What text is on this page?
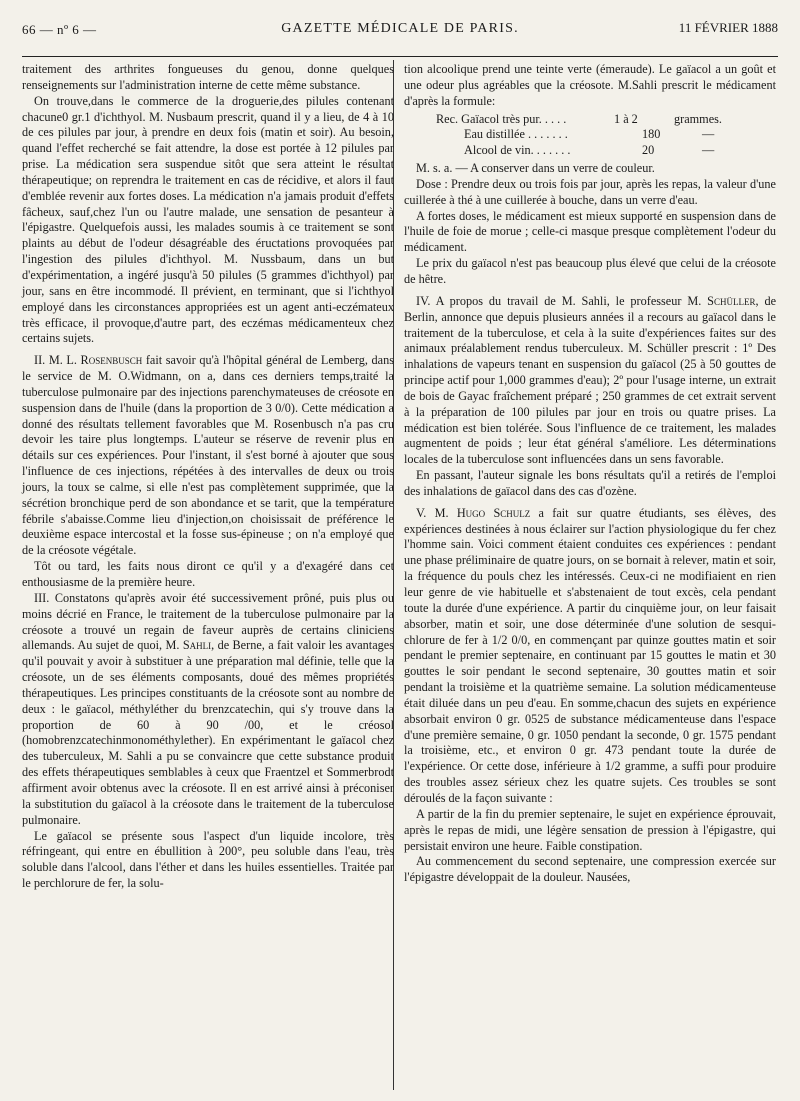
66 — nº 6 —	GAZETTE MÉDICALE DE PARIS.	11 FÉVRIER 1888

traitement des arthrites fongueuses du genou, donne quelques renseignements sur l'administration interne de cette même substance.

On trouve,dans le commerce de la droguerie,des pilules contenant chacune0 gr.1 d'ichthyol. M. Nusbaum prescrit, quand il y a lieu, de 4 à 10 de ces pilules par jour, à prendre en deux fois (matin et soir). Au besoin, quand l'effet recherché se fait attendre, la dose est portée à 12 pilules par prise. La médication sera suspendue sitôt que sera atteint le résultat thérapeutique; on reprendra le traitement en cas de récidive, et alors il faut d'emblée revenir aux fortes doses. La médication n'a jamais produit d'effets fâcheux, sauf,chez l'un ou l'autre malade, une sensation de pesanteur à l'épigastre. Quelquefois aussi, les malades soumis à ce traitement se sont plaints au début de l'odeur désagréable des éructations provoquées par l'ingestion des pilules d'ichthyol. M. Nussbaum, dans un but d'expérimentation, a ingéré jusqu'à 50 pilules (5 grammes d'ichthyol) par jour, sans en être incommodé. Il prévient, en terminant, que si l'ichthyol employé dans les circonstances appropriées est un agent anti-eczémateux très efficace, il provoque,d'autre part, des eczémas médicamenteux chez certains sujets.

II. M. L. Rosenbusch fait savoir qu'à l'hôpital général de Lemberg, dans le service de M. O.Widmann, on a, dans ces derniers temps,traité la tuberculose pulmonaire par des injections parenchymateuses de créosote en suspension dans de l'huile (dans la proportion de 3 0/0). Cette médication a donné des résultats tellement favorables que M. Rosenbusch n'a pas cru devoir les taire plus longtemps. L'auteur se réserve de revenir plus en détails sur ces expériences. Pour l'instant, il s'est borné à ajouter que sous l'influence de ces injections, répétées à des intervalles de deux ou trois jours, la toux se calme, si elle n'est pas complètement supprimée, que la sécrétion bronchique perd de son abondance et se tarit, que la température fébrile s'abaisse.Comme lieu d'injection,on choisissait de préférence le deuxième espace intercostal et la fosse sus-épineuse ; on n'a employé que de la créosote végétale.

Tôt ou tard, les faits nous diront ce qu'il y a d'exagéré dans cet enthousiasme de la première heure.

III. Constatons qu'après avoir été successivement prôné, puis plus ou moins décrié en France, le traitement de la tuberculose pulmonaire par la créosote a trouvé un regain de faveur auprès de certains cliniciens allemands. Au sujet de quoi, M. Sahli, de Berne, a fait valoir les avantages qu'il pouvait y avoir à substituer à une préparation mal définie, telle que la créosote, un de ses éléments composants, doué des mêmes propriétés thérapeutiques. Les principes constituants de la créosote sont au nombre de deux : le gaïacol, méthyléther du brenzcatechin, qui s'y trouve dans la proportion de 60 à 90 /00, et le créosol (homobrenzcatechinmonométhylether). En expérimentant le gaïacol chez des tuberculeux, M. Sahli a pu se convaincre que cette substance produit des effets thérapeutiques semblables à ceux que Fraentzel et Sommerbrodt affirment avoir obtenus avec la créosote. Il en est arrivé ainsi à préconiser la substitution du gaïacol à la créosote dans le traitement de la tuberculose pulmonaire.

Le gaïacol se présente sous l'aspect d'un liquide incolore, très réfringeant, qui entre en ébullition à 200°, peu soluble dans l'eau, très soluble dans l'alcool, dans l'éther et dans les huiles essentielles. Traitée par le perchlorure de fer, la solu-

tion alcoolique prend une teinte verte (émeraude). Le gaïacol a un goût et une odeur plus agréables que la créosote. M.Sahli prescrit le médicament d'après la formule:

Rec. Gaïacol très pur. . . . .	1 à 2	grammes.
Eau distillée . . . . . . .	180	—
Alcool de vin. . . . . . .	20	—

M. s. a. — A conserver dans un verre de couleur.

Dose : Prendre deux ou trois fois par jour, après les repas, la valeur d'une cuillerée à thé à une cuillerée à bouche, dans un verre d'eau.

A fortes doses, le médicament est mieux supporté en suspension dans de l'huile de foie de morue ; celle-ci masque presque complètement l'odeur du médicament.

Le prix du gaïacol n'est pas beaucoup plus élevé que celui de la créosote de hêtre.

IV. A propos du travail de M. Sahli, le professeur M. Schüller, de Berlin, annonce que depuis plusieurs années il a recours au gaïacol dans le traitement de la tuberculose, et cela à la suite d'expériences faites sur des animaux préalablement rendus tuberculeux. M. Schüller prescrit : 1º Des inhalations de vapeurs tenant en suspension du gaïacol (25 à 50 gouttes de principe actif pour 1,000 grammes d'eau); 2º pour l'usage interne, un extrait de bois de Gayac fraîchement préparé ; 250 grammes de cet extrait servent à la préparation de 100 pilules par jour en trois ou quatre prises. La médication est bien tolérée. Sous l'influence de ce traitement, les malades augmentent de poids ; leur état général s'améliore. Les déterminations locales de la tuberculose sont influencées dans un sens favorable.

En passant, l'auteur signale les bons résultats qu'il a retirés de l'emploi des inhalations de gaïacol dans des cas d'ozène.

V. M. Hugo Schulz a fait sur quatre étudiants, ses élèves, des expériences destinées à nous éclairer sur l'action physiologique du fer chez l'homme sain. Voici comment étaient conduites ces expériences : pendant une phase préliminaire de quatre jours, on se bornait à relever, matin et soir, la fréquence du pouls chez les intéressés. Ceux-ci ne modifiaient en rien leur genre de vie habituelle et s'abstenaient de tout excès, cela pendant toute la durée d'une expérience. A partir du cinquième jour, on leur faisait absorber, matin et soir, une dose déterminée d'une solution de sesqui-chlorure de fer à 1/2 0/0, en commençant par quinze gouttes matin et soir pendant le premier septenaire, en continuant par 15 gouttes le matin et 30 gouttes le soir pendant le second septenaire, 30 gouttes matin et soir pendant la troisième et la quatrième semaine. La solution médicamenteuse était diluée dans un peu d'eau. En somme,chacun des sujets en expérience absorbait environ 0 gr. 0525 de substance médicamenteuse dans l'espace d'une première semaine, 0 gr. 1050 pendant la seconde, 0 gr. 1575 pendant la troisième, etc., et environ 0 gr. 473 pendant toute la durée de l'expérience. Or cette dose, inférieure à 1/2 gramme, a suffi pour produire des troubles assez sérieux chez les quatre sujets. Ces troubles se sont déroulés de la façon suivante :

A partir de la fin du premier septenaire, le sujet en expérience éprouvait, après le repas de midi, une légère sensation de pression à l'épigastre, qui persistait environ une heure. Faible constipation.

Au commencement du second septenaire, une compression exercée sur l'épigastre développait de la douleur. Nausées,
